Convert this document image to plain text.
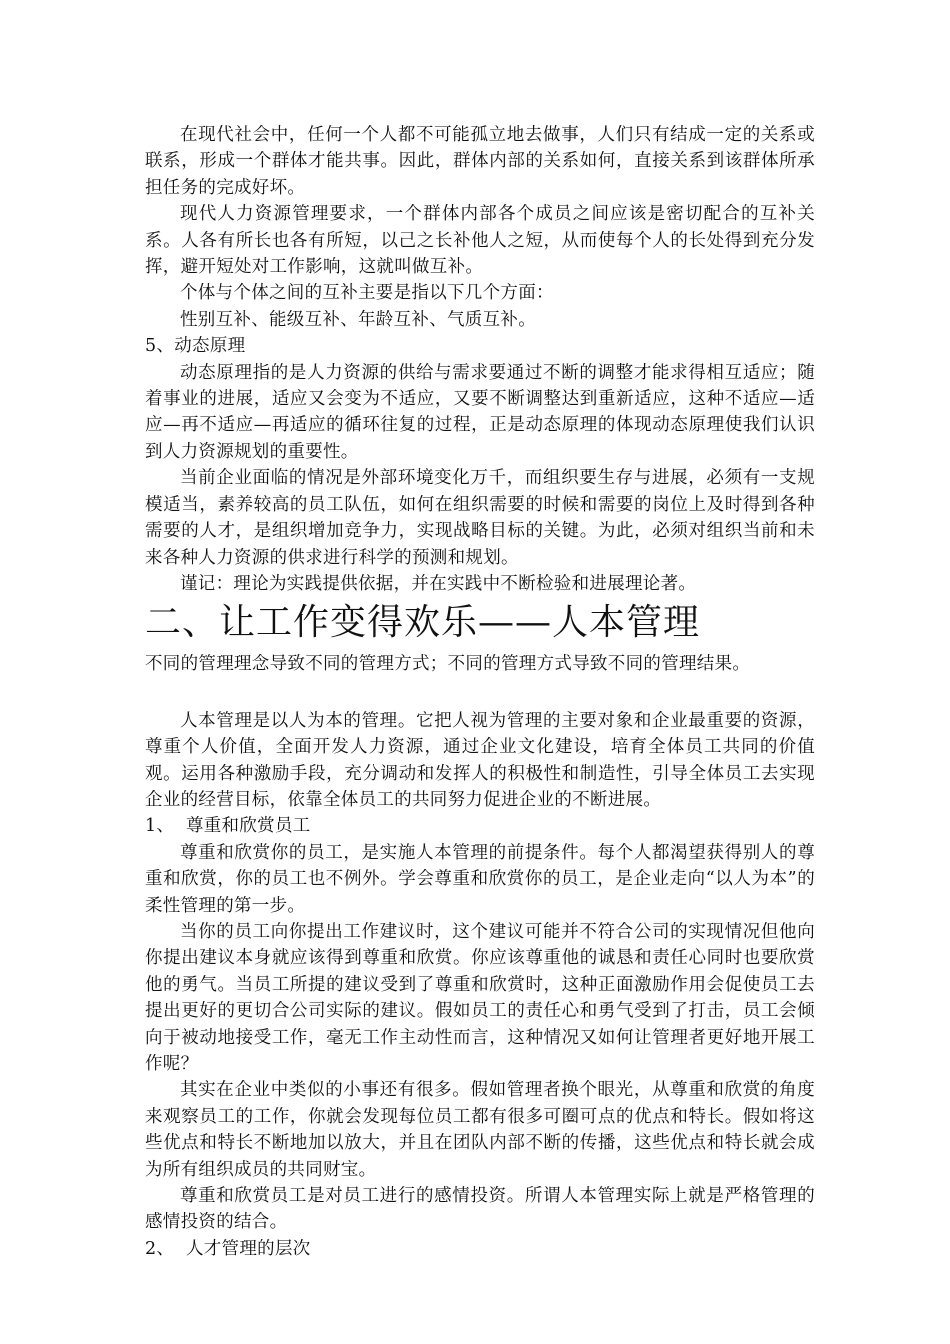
在现代社会中，任何一个人都不可能孤立地去做事，人们只有结成一定的关系或联系，形成一个群体才能共事。因此，群体内部的关系如何，直接关系到该群体所承担任务的完成好坏。

现代人力资源管理要求，一个群体内部各个成员之间应该是密切配合的互补关系。人各有所长也各有所短，以己之长补他人之短，从而使每个人的长处得到充分发挥，避开短处对工作影响，这就叫做互补。

个体与个体之间的互补主要是指以下几个方面：

性别互补、能级互补、年龄互补、气质互补。

5、动态原理

动态原理指的是人力资源的供给与需求要通过不断的调整才能求得相互适应；随着事业的进展，适应又会变为不适应，又要不断调整达到重新适应，这种不适应—适应—再不适应—再适应的循环往复的过程，正是动态原理的体现动态原理使我们认识到人力资源规划的重要性。

当前企业面临的情况是外部环境变化万千，而组织要生存与进展，必须有一支规模适当，素养较高的员工队伍，如何在组织需要的时候和需要的岗位上及时得到各种需要的人才，是组织增加竞争力，实现战略目标的关键。为此，必须对组织当前和未来各种人力资源的供求进行科学的预测和规划。

谨记：理论为实践提供依据，并在实践中不断检验和进展理论著。

二、让工作变得欢乐——人本管理

不同的管理理念导致不同的管理方式；不同的管理方式导致不同的管理结果。

人本管理是以人为本的管理。它把人视为管理的主要对象和企业最重要的资源，尊重个人价值，全面开发人力资源，通过企业文化建设，培育全体员工共同的价值观。运用各种激励手段，充分调动和发挥人的积极性和制造性，引导全体员工去实现企业的经营目标，依靠全体员工的共同努力促进企业的不断进展。

1、  尊重和欣赏员工

尊重和欣赏你的员工，是实施人本管理的前提条件。每个人都渴望获得别人的尊重和欣赏，你的员工也不例外。学会尊重和欣赏你的员工，是企业走向“以人为本”的柔性管理的第一步。

当你的员工向你提出工作建议时，这个建议可能并不符合公司的实现情况但他向你提出建议本身就应该得到尊重和欣赏。你应该尊重他的诚恳和责任心同时也要欣赏他的勇气。当员工所提的建议受到了尊重和欣赏时，这种正面激励作用会促使员工去提出更好的更切合公司实际的建议。假如员工的责任心和勇气受到了打击，员工会倾向于被动地接受工作，毫无工作主动性而言，这种情况又如何让管理者更好地开展工作呢？

其实在企业中类似的小事还有很多。假如管理者换个眼光，从尊重和欣赏的角度来观察员工的工作，你就会发现每位员工都有很多可圈可点的优点和特长。假如将这些优点和特长不断地加以放大，并且在团队内部不断的传播，这些优点和特长就会成为所有组织成员的共同财宝。

尊重和欣赏员工是对员工进行的感情投资。所谓人本管理实际上就是严格管理的感情投资的结合。

2、  人才管理的层次
